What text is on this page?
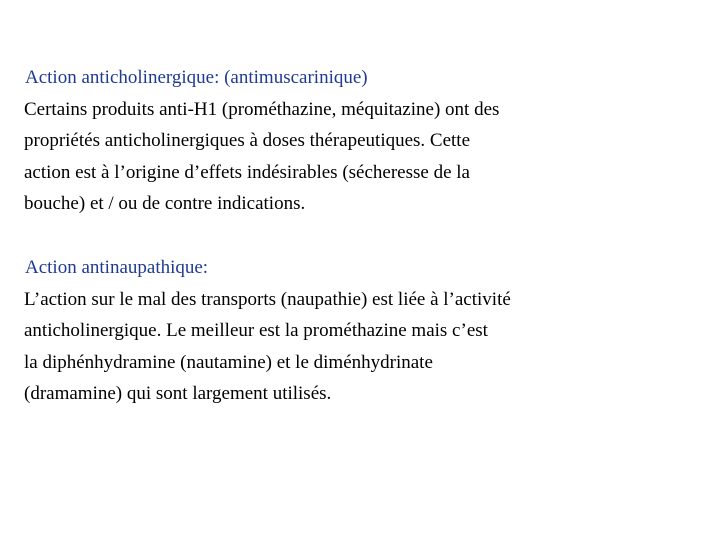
Action anticholinergique: (antimuscarinique)

Certains produits anti-H1 (prométhazine, méquitazine) ont des
propriétés anticholinergiques à doses thérapeutiques. Cette
action est à l’origine d’effets indésirables (sécheresse de la
bouche) et / ou de contre indications.

Action antinaupathique:

L’action sur le mal des transports (naupathie) est liée à l’activité
anticholinergique. Le meilleur est la prométhazine mais c’est
la diphénhydramine (nautamine) et le diménhydrinate
(dramamine) qui sont largement utilisés.
